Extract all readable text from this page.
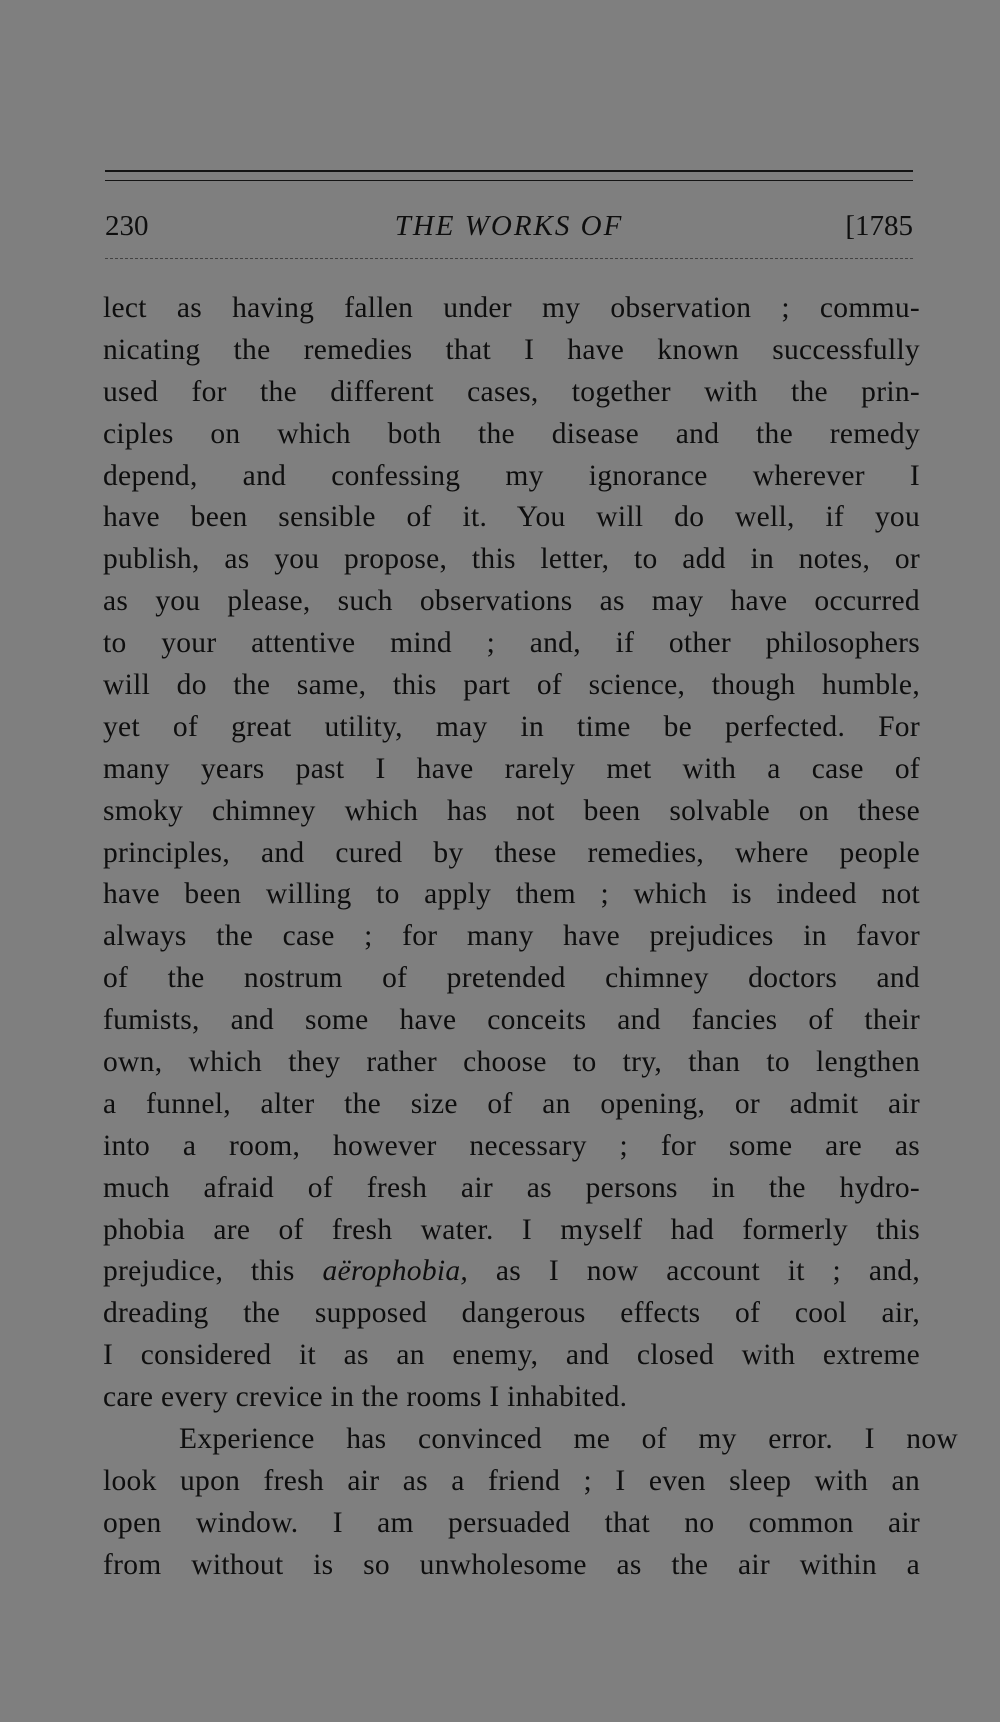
230	THE WORKS OF	[1785
lect as having fallen under my observation ; commu-
nicating the remedies that I have known successfully
used for the different cases, together with the prin-
ciples on which both the disease and the remedy
depend, and confessing my ignorance wherever I
have been sensible of it. You will do well, if you
publish, as you propose, this letter, to add in notes, or
as you please, such observations as may have occurred
to your attentive mind ; and, if other philosophers
will do the same, this part of science, though humble,
yet of great utility, may in time be perfected. For
many years past I have rarely met with a case of
smoky chimney which has not been solvable on these
principles, and cured by these remedies, where people
have been willing to apply them ; which is indeed not
always the case ; for many have prejudices in favor
of the nostrum of pretended chimney doctors and
fumists, and some have conceits and fancies of their
own, which they rather choose to try, than to lengthen
a funnel, alter the size of an opening, or admit air
into a room, however necessary ; for some are as
much afraid of fresh air as persons in the hydro-
phobia are of fresh water. I myself had formerly this
prejudice, this aërophobia, as I now account it ; and,
dreading the supposed dangerous effects of cool air,
I considered it as an enemy, and closed with extreme
care every crevice in the rooms I inhabited.
Experience has convinced me of my error. I now
look upon fresh air as a friend ; I even sleep with an
open window. I am persuaded that no common air
from without is so unwholesome as the air within a
